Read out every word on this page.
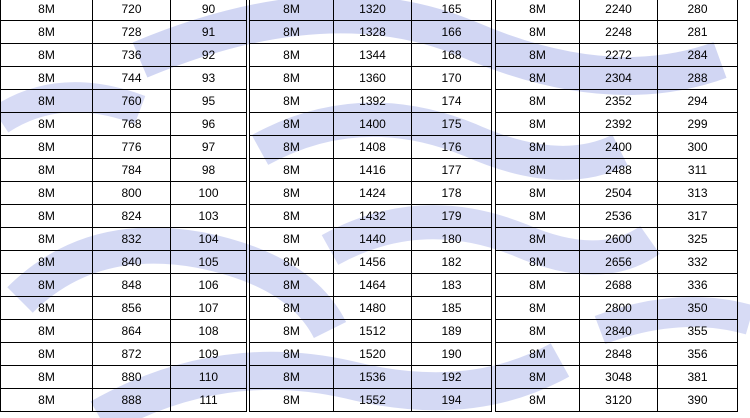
8M	720	90		8M	1320	165		8M	2240	280
8M	728	91		8M	1328	166		8M	2248	281
8M	736	92		8M	1344	168		8M	2272	284
8M	744	93		8M	1360	170		8M	2304	288
8M	760	95		8M	1392	174		8M	2352	294
8M	768	96		8M	1400	175		8M	2392	299
8M	776	97		8M	1408	176		8M	2400	300
8M	784	98		8M	1416	177		8M	2488	311
8M	800	100		8M	1424	178		8M	2504	313
8M	824	103		8M	1432	179		8M	2536	317
8M	832	104		8M	1440	180		8M	2600	325
8M	840	105		8M	1456	182		8M	2656	332
8M	848	106		8M	1464	183		8M	2688	336
8M	856	107		8M	1480	185		8M	2800	350
8M	864	108		8M	1512	189		8M	2840	355
8M	872	109		8M	1520	190		8M	2848	356
8M	880	110		8M	1536	192		8M	3048	381
8M	888	111		8M	1552	194		8M	3120	390
